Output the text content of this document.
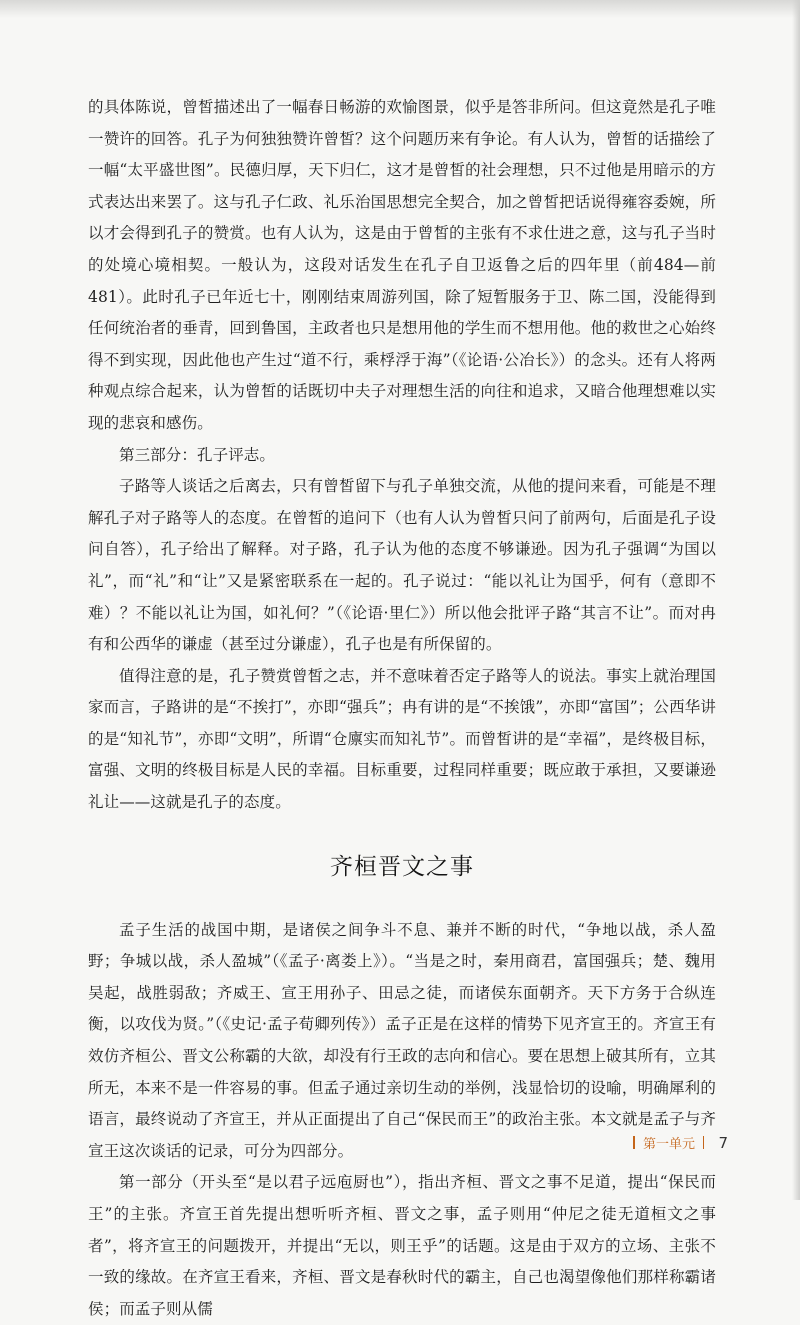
的具体陈说，曾皙描述出了一幅春日畅游的欢愉图景，似乎是答非所问。但这竟然是孔子唯一赞许的回答。孔子为何独独赞许曾皙？这个问题历来有争论。有人认为，曾皙的话描绘了一幅“太平盛世图”。民德归厚，天下归仁，这才是曾皙的社会理想，只不过他是用暗示的方式表达出来罢了。这与孔子仁政、礼乐治国思想完全契合，加之曾皙把话说得雍容委婉，所以才会得到孔子的赞赏。也有人认为，这是由于曾皙的主张有不求仕进之意，这与孔子当时的处境心境相契。一般认为，这段对话发生在孔子自卫返鲁之后的四年里（前484—前481）。此时孔子已年近七十，刚刚结束周游列国，除了短暂服务于卫、陈二国，没能得到任何统治者的垂青，回到鲁国，主政者也只是想用他的学生而不想用他。他的救世之心始终得不到实现，因此他也产生过“道不行，乘桴浮于海”（《论语·公冶长》）的念头。还有人将两种观点综合起来，认为曾皙的话既切中夫子对理想生活的向往和追求，又暗合他理想难以实现的悲哀和感伤。

第三部分：孔子评志。

子路等人谈话之后离去，只有曾皙留下与孔子单独交流，从他的提问来看，可能是不理解孔子对子路等人的态度。在曾皙的追问下（也有人认为曾皙只问了前两句，后面是孔子设问自答），孔子给出了解释。对子路，孔子认为他的态度不够谦逊。因为孔子强调“为国以礼”，而“礼”和“让”又是紧密联系在一起的。孔子说过：“能以礼让为国乎，何有（意即不难）？不能以礼让为国，如礼何？”（《论语·里仁》）所以他会批评子路“其言不让”。而对冉有和公西华的谦虚（甚至过分谦虚），孔子也是有所保留的。

值得注意的是，孔子赞赏曾皙之志，并不意味着否定子路等人的说法。事实上就治理国家而言，子路讲的是“不挨打”，亦即“强兵”；冉有讲的是“不挨饿”，亦即“富国”；公西华讲的是“知礼节”，亦即“文明”，所谓“仓廪实而知礼节”。而曾皙讲的是“幸福”，是终极目标，富强、文明的终极目标是人民的幸福。目标重要，过程同样重要；既应敢于承担，又要谦逊礼让——这就是孔子的态度。

齐桓晋文之事

孟子生活的战国中期，是诸侯之间争斗不息、兼并不断的时代，“争地以战，杀人盈野；争城以战，杀人盈城”（《孟子·离娄上》）。“当是之时，秦用商君，富国强兵；楚、魏用吴起，战胜弱敌；齐威王、宣王用孙子、田忌之徒，而诸侯东面朝齐。天下方务于合纵连衡，以攻伐为贤。”（《史记·孟子荀卿列传》）孟子正是在这样的情势下见齐宣王的。齐宣王有效仿齐桓公、晋文公称霸的大欲，却没有行王政的志向和信心。要在思想上破其所有，立其所无，本来不是一件容易的事。但孟子通过亲切生动的举例，浅显恰切的设喻，明确犀利的语言，最终说动了齐宣王，并从正面提出了自己“保民而王”的政治主张。本文就是孟子与齐宣王这次谈话的记录，可分为四部分。

第一部分（开头至“是以君子远庖厨也”），指出齐桓、晋文之事不足道，提出“保民而王”的主张。齐宣王首先提出想听听齐桓、晋文之事，孟子则用“仲尼之徒无道桓文之事者”，将齐宣王的问题拨开，并提出“无以，则王乎”的话题。这是由于双方的立场、主张不一致的缘故。在齐宣王看来，齐桓、晋文是春秋时代的霸主，自己也渴望像他们那样称霸诸侯；而孟子则从儒

第一单元 7
